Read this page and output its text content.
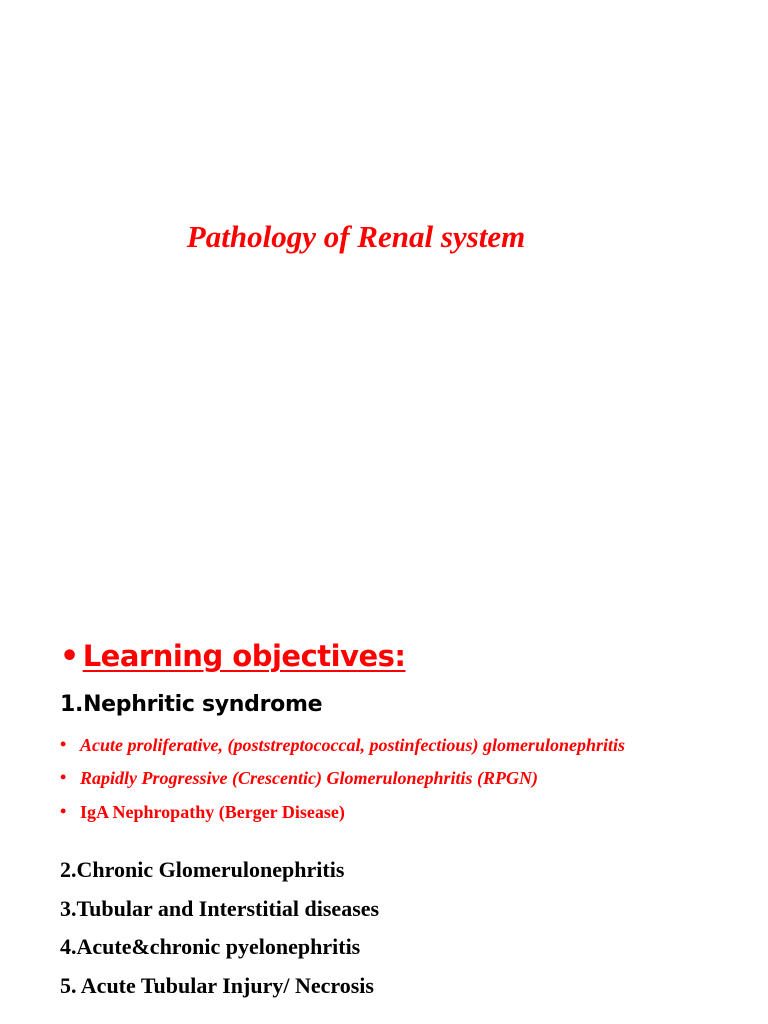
Pathology of Renal system
• Learning objectives:
1.Nephritic syndrome
• Acute proliferative, (poststreptococcal, postinfectious) glomerulonephritis
• Rapidly Progressive (Crescentic) Glomerulonephritis (RPGN)
• IgA Nephropathy (Berger Disease)
2.Chronic Glomerulonephritis
3.Tubular and Interstitial diseases
4.Acute&chronic pyelonephritis
5. Acute Tubular Injury/ Necrosis
